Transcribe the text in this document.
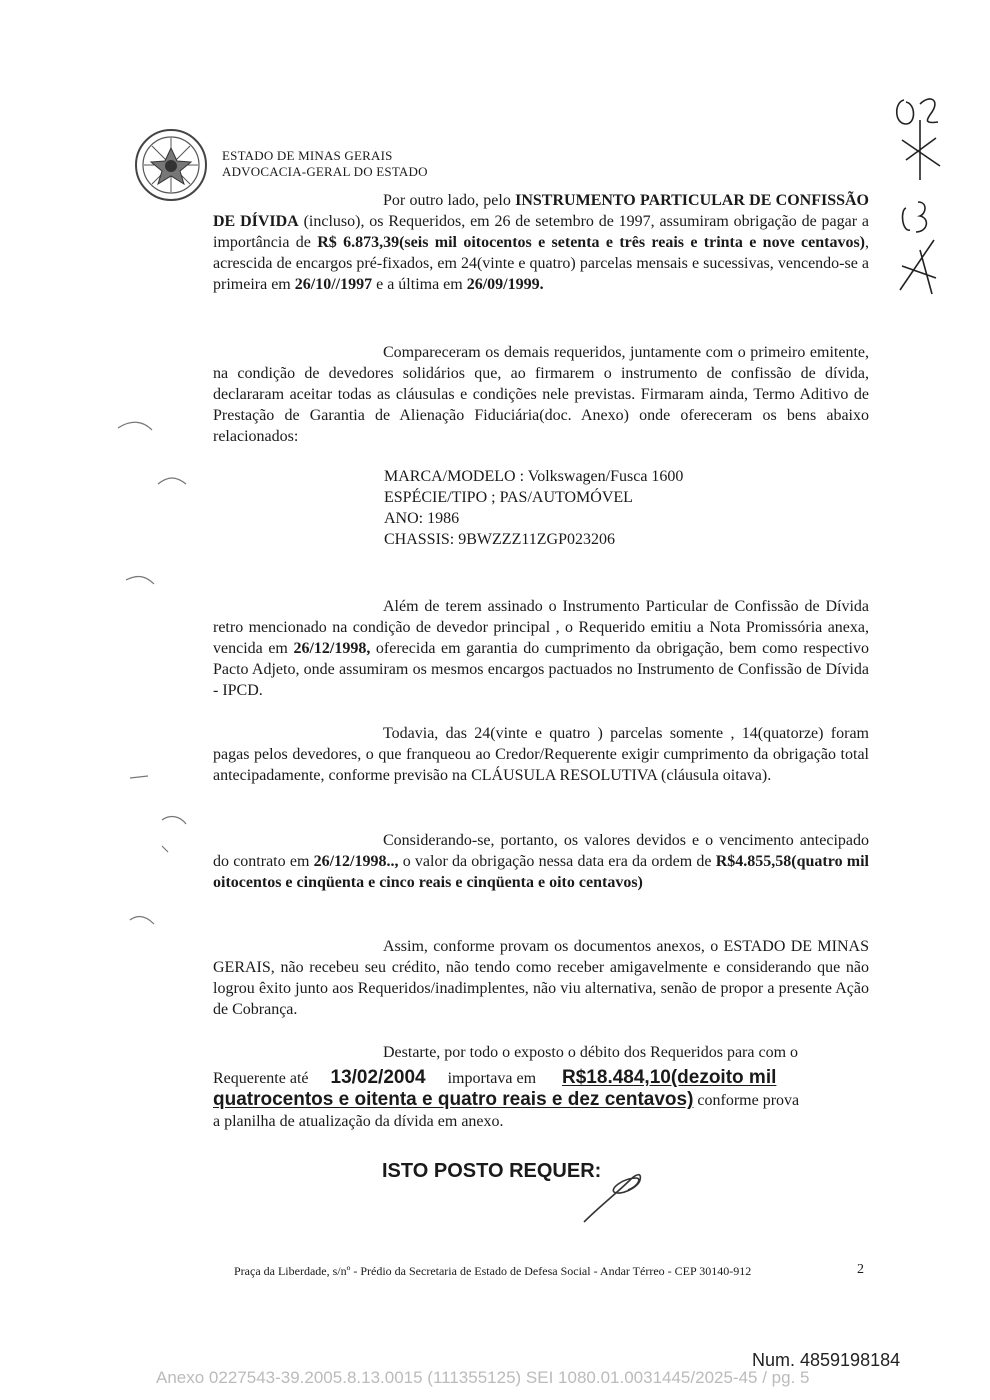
ESTADO DE MINAS GERAIS
ADVOCACIA-GERAL DO ESTADO

Por outro lado, pelo INSTRUMENTO PARTICULAR DE CONFISSÃO DE DÍVIDA (incluso), os Requeridos, em 26 de setembro de 1997, assumiram obrigação de pagar a importância de R$ 6.873,39(seis mil oitocentos e setenta e três reais e trinta e nove centavos), acrescida de encargos pré-fixados, em 24(vinte e quatro) parcelas mensais e sucessivas, vencendo-se a primeira em 26/10//1997 e a última em 26/09/1999.

Compareceram os demais requeridos, juntamente com o primeiro emitente, na condição de devedores solidários que, ao firmarem o instrumento de confissão de dívida, declararam aceitar todas as cláusulas e condições nele previstas. Firmaram ainda, Termo Aditivo de Prestação de Garantia de Alienação Fiduciária(doc. Anexo) onde ofereceram os bens abaixo relacionados:

MARCA/MODELO : Volkswagen/Fusca 1600
ESPÉCIE/TIPO ; PAS/AUTOMÓVEL
ANO: 1986
CHASSIS: 9BWZZZ11ZGP023206

Além de terem assinado o Instrumento Particular de Confissão de Dívida retro mencionado na condição de devedor principal , o Requerido emitiu a Nota Promissória anexa, vencida em 26/12/1998, oferecida em garantia do cumprimento da obrigação, bem como respectivo Pacto Adjeto, onde assumiram os mesmos encargos pactuados no Instrumento de Confissão de Dívida - IPCD.

Todavia, das 24(vinte e quatro ) parcelas somente , 14(quatorze) foram pagas pelos devedores, o que franqueou ao Credor/Requerente exigir cumprimento da obrigação total antecipadamente, conforme previsão na CLÁUSULA RESOLUTIVA (cláusula oitava).

Considerando-se, portanto, os valores devidos e o vencimento antecipado do contrato em 26/12/1998.., o valor da obrigação nessa data era da ordem de R$4.855,58(quatro mil oitocentos e cinqüenta e cinco reais e cinqüenta e oito centavos)

Assim, conforme provam os documentos anexos, o ESTADO DE MINAS GERAIS, não recebeu seu crédito, não tendo como receber amigavelmente e considerando que não logrou êxito junto aos Requeridos/inadimplentes, não viu alternativa, senão de propor a presente Ação de Cobrança.

Destarte, por todo o exposto o débito dos Requeridos para com o
Requerente até 13/02/2004 importava em R$18.484,10(dezoito mil
quatrocentos e oitenta e quatro reais e dez centavos) conforme prova
a planilha de atualização da dívida em anexo.
ISTO POSTO REQUER:
Praça da Liberdade, s/nº - Prédio da Secretaria de Estado de Defesa Social - Andar Térreo - CEP 30140-912	2
Num. 4859198184
Anexo 0227543-39.2005.8.13.0015 (111355125) SEI 1080.01.0031445/2025-45 / pg. 5
